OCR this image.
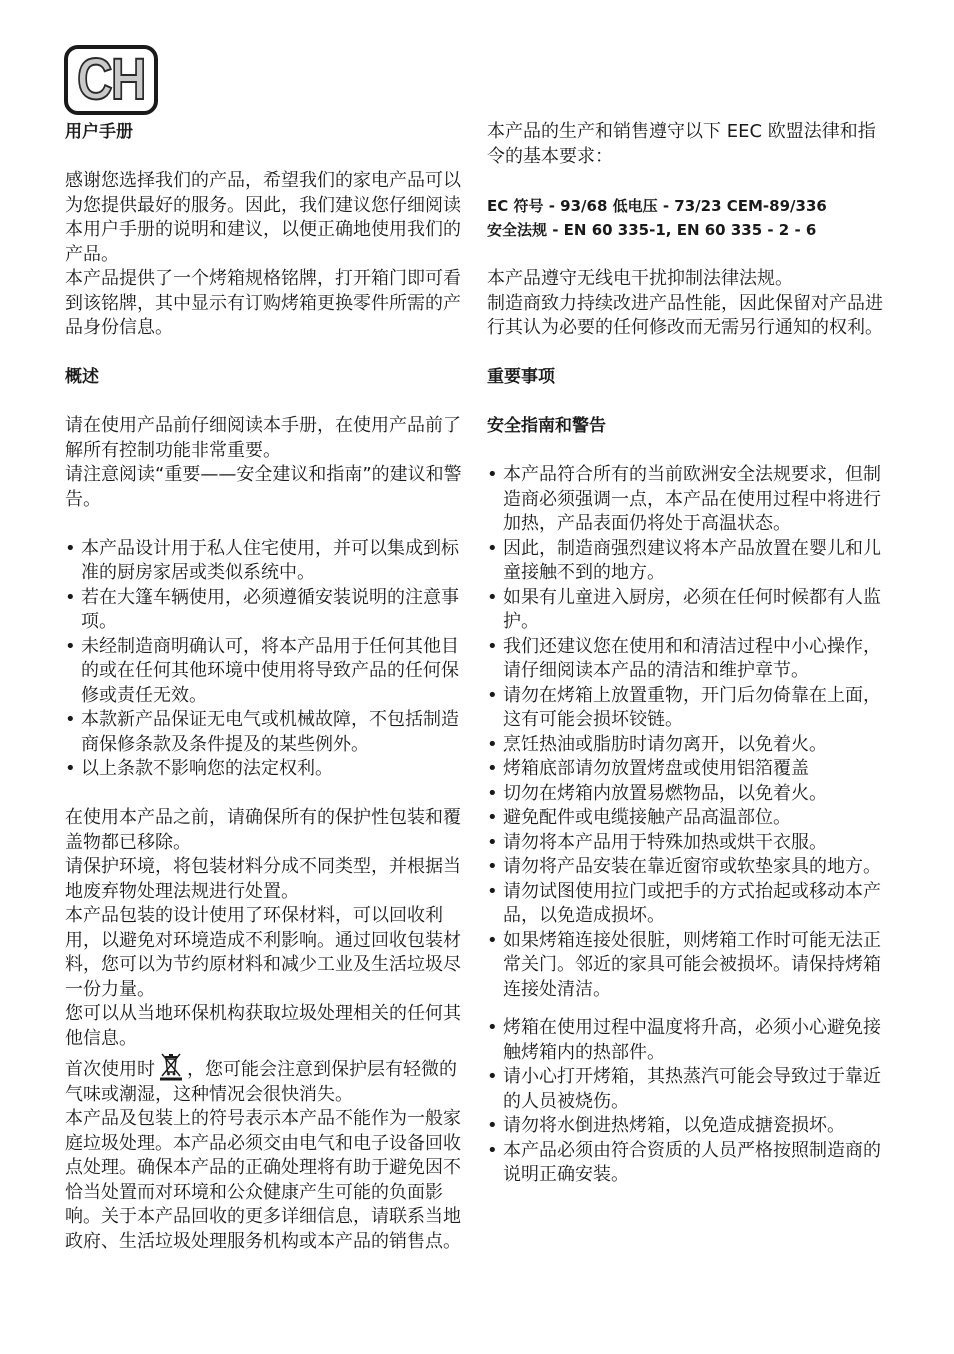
CH

用户手册

感谢您选择我们的产品，希望我们的家电产品可以为您提供最好的服务。因此，我们建议您仔细阅读本用户手册的说明和建议，以便正确地使用我们的产品。

本产品提供了一个烤箱规格铭牌，打开箱门即可看到该铭牌，其中显示有订购烤箱更换零件所需的产品身份信息。

概述

请在使用产品前仔细阅读本手册，在使用产品前了解所有控制功能非常重要。

请注意阅读“重要——安全建议和指南”的建议和警告。

• 本产品设计用于私人住宅使用，并可以集成到标准的厨房家居或类似系统中。
• 若在大篷车辆使用，必须遵循安装说明的注意事项。
• 未经制造商明确认可，将本产品用于任何其他目的或在任何其他环境中使用将导致产品的任何保修或责任无效。
• 本款新产品保证无电气或机械故障，不包括制造商保修条款及条件提及的某些例外。
• 以上条款不影响您的法定权利。

在使用本产品之前，请确保所有的保护性包装和覆盖物都已移除。

请保护环境，将包装材料分成不同类型，并根据当地废弃物处理法规进行处置。

本产品包装的设计使用了环保材料，可以回收利用，以避免对环境造成不利影响。通过回收包装材料，您可以为节约原材料和减少工业及生活垃圾尽一份力量。

您可以从当地环保机构获取垃圾处理相关的任何其他信息。

首次使用时 ，您可能会注意到保护层有轻微的气味或潮湿，这种情况会很快消失。

本产品及包装上的符号表示本产品不能作为一般家庭垃圾处理。本产品必须交由电气和电子设备回收点处理。确保本产品的正确处理将有助于避免因不恰当处置而对环境和公众健康产生可能的负面影响。关于本产品回收的更多详细信息，请联系当地政府、生活垃圾处理服务机构或本产品的销售点。

本产品的生产和销售遵守以下 EEC 欧盟法律和指令的基本要求：

EC 符号 - 93/68 低电压 - 73/23 CEM-89/336

安全法规 - EN 60 335-1, EN 60 335 - 2 - 6

本产品遵守无线电干扰抑制法律法规。

制造商致力持续改进产品性能，因此保留对产品进行其认为必要的任何修改而无需另行通知的权利。

重要事项

安全指南和警告

• 本产品符合所有的当前欧洲安全法规要求，但制造商必须强调一点，本产品在使用过程中将进行加热，产品表面仍将处于高温状态。
• 因此，制造商强烈建议将本产品放置在婴儿和儿童接触不到的地方。
• 如果有儿童进入厨房，必须在任何时候都有人监护。
• 我们还建议您在使用和和清洁过程中小心操作，请仔细阅读本产品的清洁和维护章节。
• 请勿在烤箱上放置重物，开门后勿倚靠在上面，这有可能会损坏铰链。
• 烹饪热油或脂肪时请勿离开，以免着火。
• 烤箱底部请勿放置烤盘或使用铝箔覆盖
• 切勿在烤箱内放置易燃物品，以免着火。
• 避免配件或电缆接触产品高温部位。
• 请勿将本产品用于特殊加热或烘干衣服。
• 请勿将产品安装在靠近窗帘或软垫家具的地方。
• 请勿试图使用拉门或把手的方式抬起或移动本产品，以免造成损坏。
• 如果烤箱连接处很脏，则烤箱工作时可能无法正常关门。邻近的家具可能会被损坏。请保持烤箱连接处清洁。
• 烤箱在使用过程中温度将升高，必须小心避免接触烤箱内的热部件。
• 请小心打开烤箱，其热蒸汽可能会导致过于靠近的人员被烧伤。
• 请勿将水倒进热烤箱，以免造成搪瓷损坏。
• 本产品必须由符合资质的人员严格按照制造商的说明正确安装。
